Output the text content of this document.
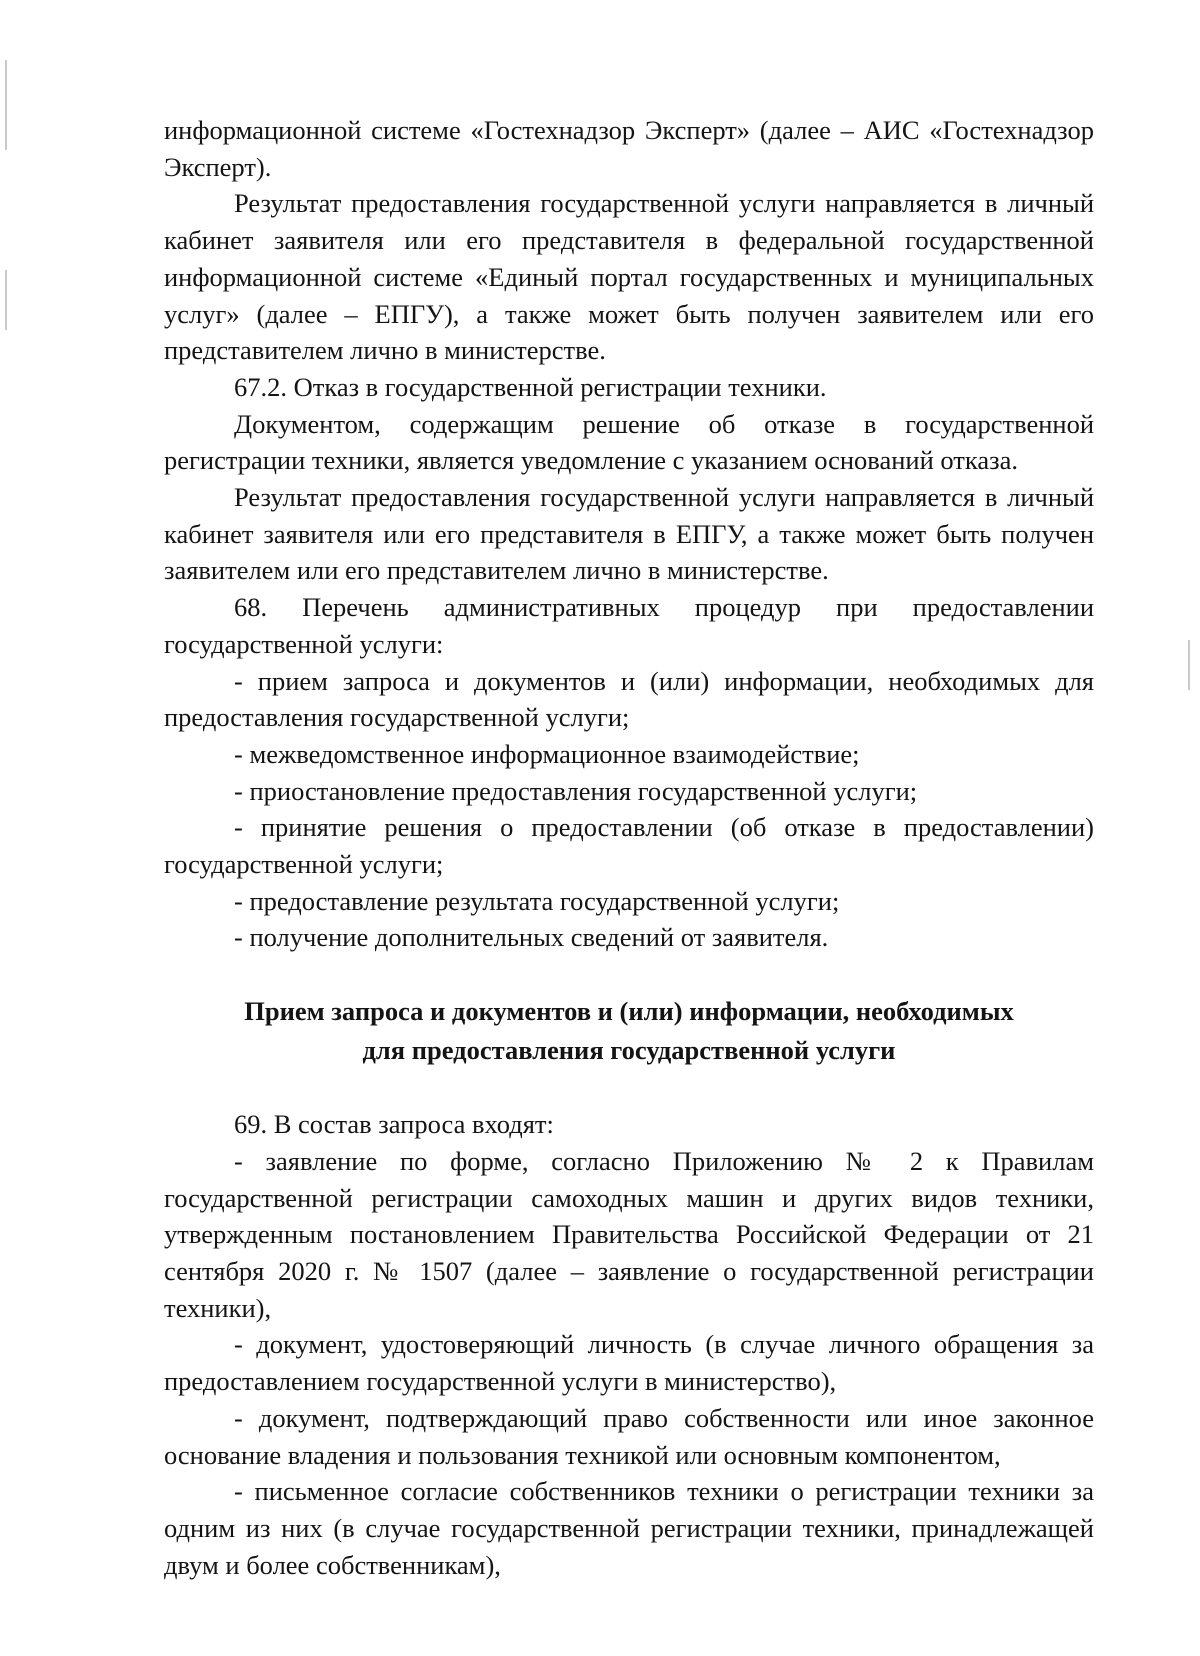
информационной системе «Гостехнадзор Эксперт» (далее – АИС «Гостехнадзор Эксперт).

Результат предоставления государственной услуги направляется в личный кабинет заявителя или его представителя в федеральной государственной информационной системе «Единый портал государственных и муниципальных услуг» (далее – ЕПГУ), а также может быть получен заявителем или его представителем лично в министерстве.

67.2. Отказ в государственной регистрации техники.

Документом, содержащим решение об отказе в государственной регистрации техники, является уведомление с указанием оснований отказа.

Результат предоставления государственной услуги направляется в личный кабинет заявителя или его представителя в ЕПГУ, а также может быть получен заявителем или его представителем лично в министерстве.

68. Перечень административных процедур при предоставлении государственной услуги:

- прием запроса и документов и (или) информации, необходимых для предоставления государственной услуги;

- межведомственное информационное взаимодействие;

- приостановление предоставления государственной услуги;

- принятие решения о предоставлении (об отказе в предоставлении) государственной услуги;

- предоставление результата государственной услуги;

- получение дополнительных сведений от заявителя.

Прием запроса и документов и (или) информации, необходимых

для предоставления государственной услуги

69. В состав запроса входят:

- заявление по форме, согласно Приложению № 2 к Правилам государственной регистрации самоходных машин и других видов техники, утвержденным постановлением Правительства Российской Федерации от 21 сентября 2020 г. № 1507 (далее – заявление о государственной регистрации техники),

- документ, удостоверяющий личность (в случае личного обращения за предоставлением государственной услуги в министерство),

- документ, подтверждающий право собственности или иное законное основание владения и пользования техникой или основным компонентом,

- письменное согласие собственников техники о регистрации техники за одним из них (в случае государственной регистрации техники, принадлежащей двум и более собственникам),
